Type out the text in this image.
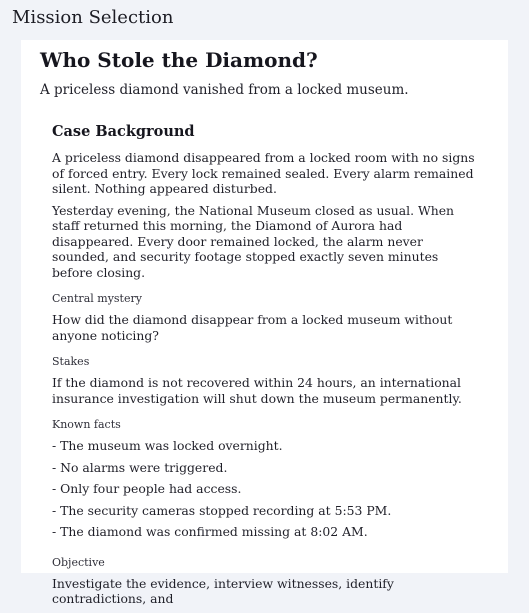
Mission Selection
Who Stole the Diamond?

A priceless diamond vanished from a locked museum.

Case Background

A priceless diamond disappeared from a locked room with no signs of forced entry. Every lock remained sealed. Every alarm remained silent. Nothing appeared disturbed.

Yesterday evening, the National Museum closed as usual. When staff returned this morning, the Diamond of Aurora had disappeared. Every door remained locked, the alarm never sounded, and security footage stopped exactly seven minutes before closing.

Central mystery

How did the diamond disappear from a locked museum without anyone noticing?

Stakes

If the diamond is not recovered within 24 hours, an international insurance investigation will shut down the museum permanently.

Known facts

- The museum was locked overnight.

- No alarms were triggered.

- Only four people had access.

- The security cameras stopped recording at 5:53 PM.

- The diamond was confirmed missing at 8:02 AM.

Objective

Investigate the evidence, interview witnesses, identify contradictions, and
